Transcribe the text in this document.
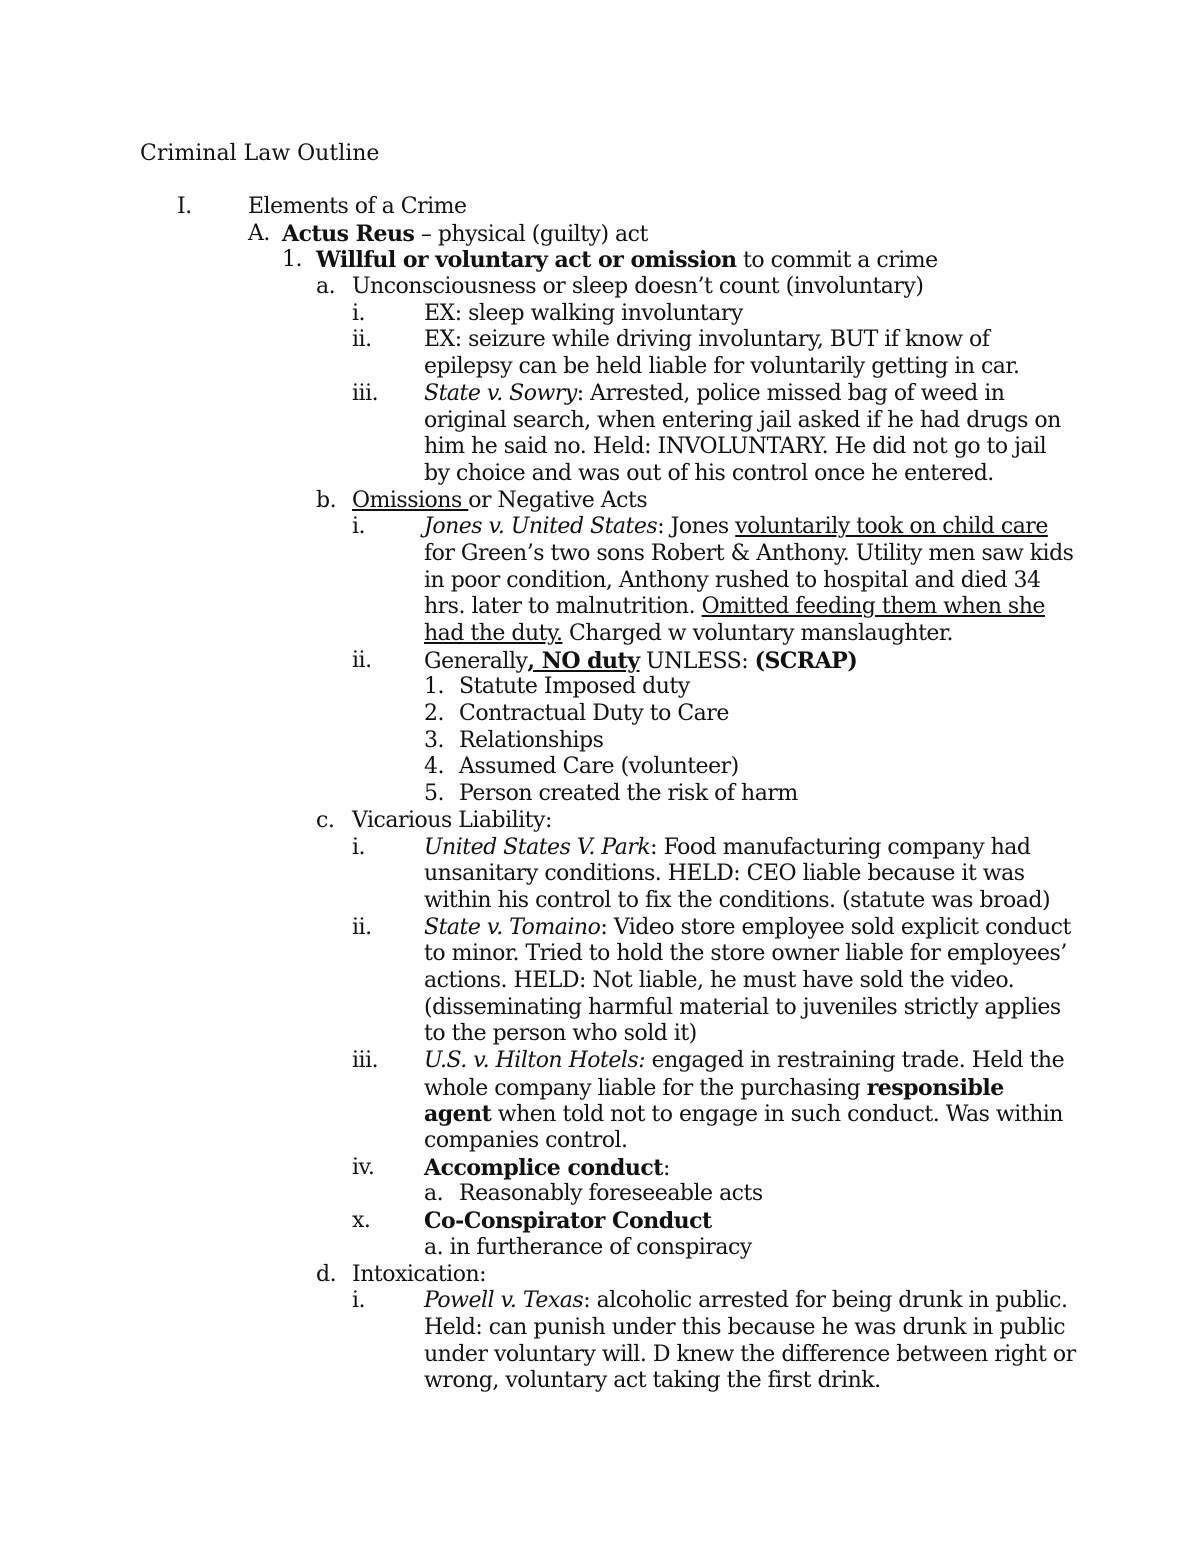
Criminal Law Outline
I.	Elements of a Crime
A. Actus Reus – physical (guilty) act
1. Willful or voluntary act or omission to commit a crime
a. Unconsciousness or sleep doesn’t count (involuntary)
i.	EX: sleep walking involuntary
ii. EX: seizure while driving involuntary, BUT if know of
epilepsy can be held liable for voluntarily getting in car.
iii. State v. Sowry: Arrested, police missed bag of weed in
original search, when entering jail asked if he had drugs on
him he said no. Held: INVOLUNTARY. He did not go to jail
by choice and was out of his control once he entered.
b. Omissions or Negative Acts
i.	Jones v. United States: Jones voluntarily took on child care
for Green’s two sons Robert & Anthony. Utility men saw kids
in poor condition, Anthony rushed to hospital and died 34
hrs. later to malnutrition. Omitted feeding them when she
had the duty. Charged w voluntary manslaughter.
ii. Generally, NO duty UNLESS: (SCRAP)
1. Statute Imposed duty
2. Contractual Duty to Care
3. Relationships
4. Assumed Care (volunteer)
5. Person created the risk of harm
c. Vicarious Liability:
i.	United States V. Park: Food manufacturing company had
unsanitary conditions. HELD: CEO liable because it was
within his control to fix the conditions. (statute was broad)
ii. State v. Tomaino: Video store employee sold explicit conduct
to minor. Tried to hold the store owner liable for employees’
actions. HELD: Not liable, he must have sold the video.
(disseminating harmful material to juveniles strictly applies
to the person who sold it)
iii. U.S. v. Hilton Hotels: engaged in restraining trade. Held the
whole company liable for the purchasing responsible
agent when told not to engage in such conduct. Was within
companies control.
iv. Accomplice conduct:
a. Reasonably foreseeable acts
x. Co-Conspirator Conduct
a. in furtherance of conspiracy
d. Intoxication:
i.	Powell v. Texas: alcoholic arrested for being drunk in public.
Held: can punish under this because he was drunk in public
under voluntary will. D knew the difference between right or
wrong, voluntary act taking the first drink.
